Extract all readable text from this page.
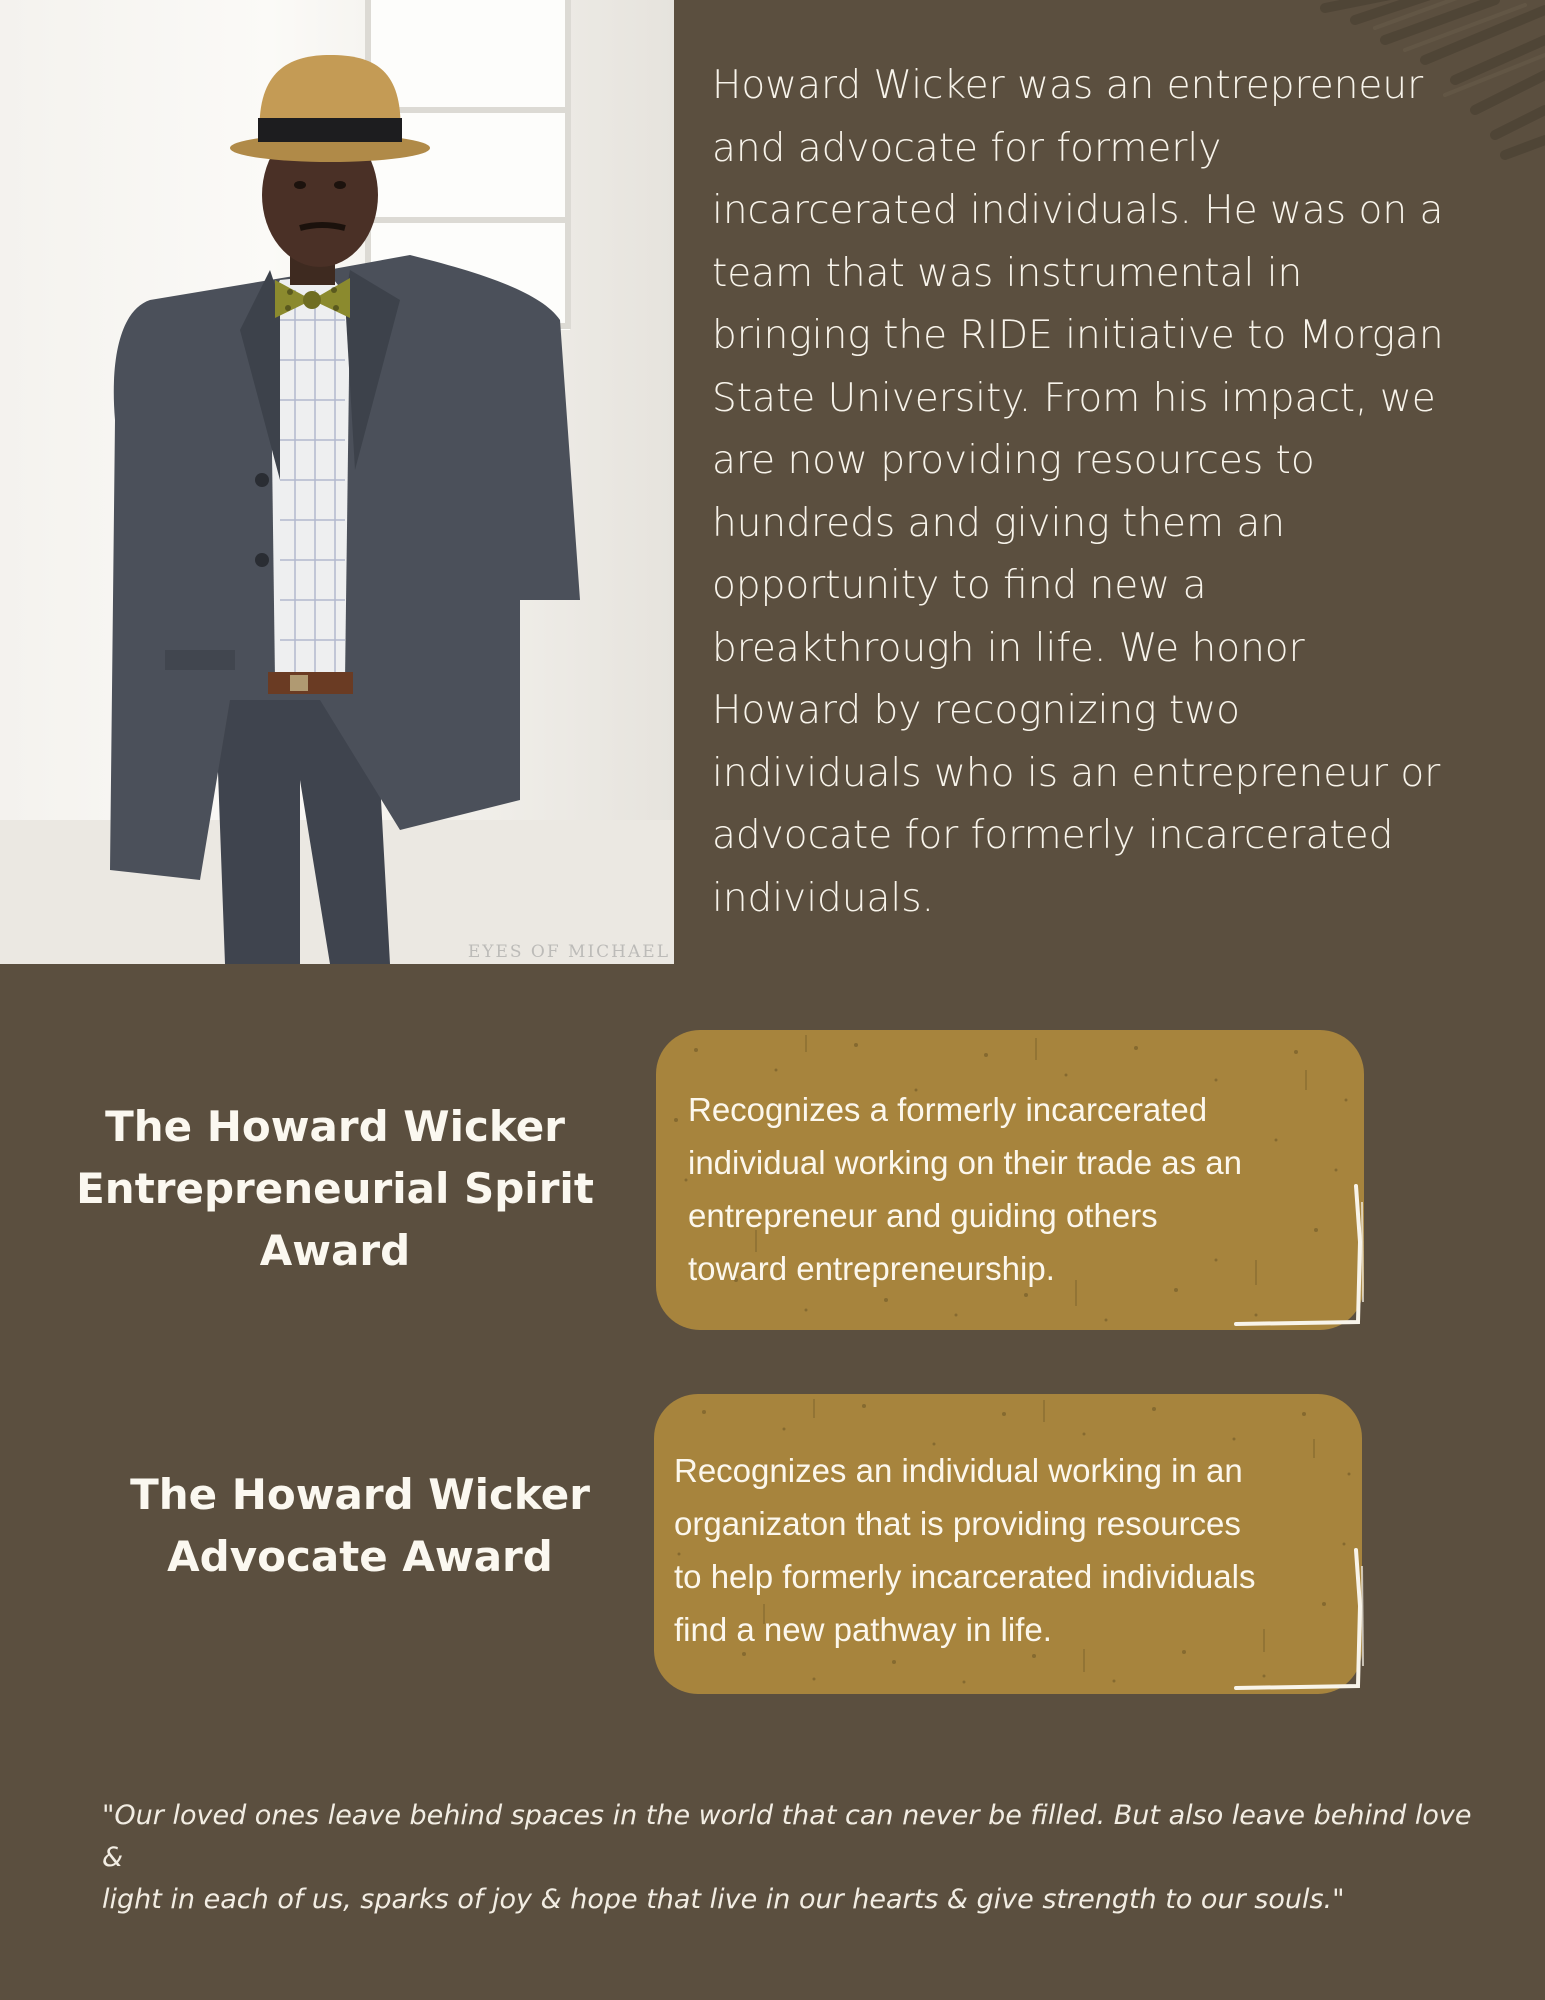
EYES OF MICHAEL

Howard Wicker was an entrepreneur
and advocate for formerly
incarcerated individuals. He was on a
team that was instrumental in
bringing the RIDE initiative to Morgan
State University. From his impact, we
are now providing resources to
hundreds and giving them an
opportunity to find new a
breakthrough in life. We honor
Howard by recognizing two
individuals who is an entrepreneur or
advocate for formerly incarcerated
individuals.

The Howard Wicker
Entrepreneurial Spirit
Award

Recognizes a formerly incarcerated
individual working on their trade as an
entrepreneur and guiding others
toward entrepreneurship.

The Howard Wicker
Advocate Award

Recognizes an individual working in an
organizaton that is providing resources
to help formerly incarcerated individuals
find a new pathway in life.

"Our loved ones leave behind spaces in the world that can never be filled. But also leave behind love &
light in each of us, sparks of joy & hope that live in our hearts & give strength to our souls."
